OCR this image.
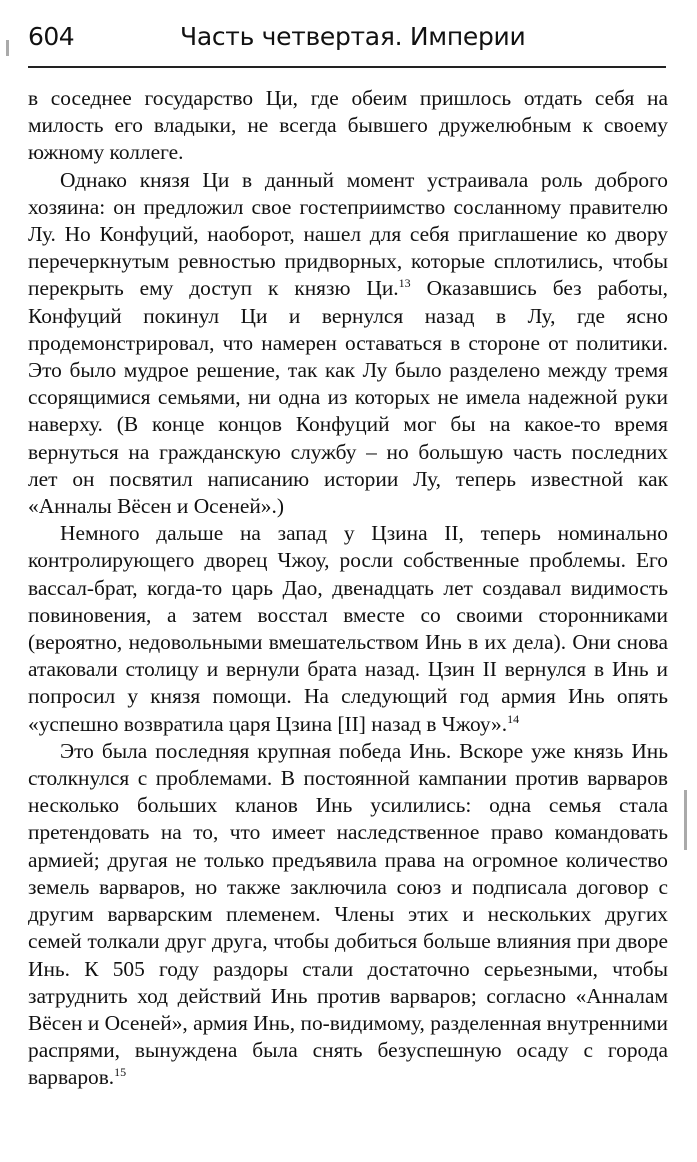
604	Часть четвертая. Империи

в соседнее государство Ци, где обеим пришлось отдать себя на милость его владыки, не всегда бывшего дружелюбным к своему южному коллеге.

Однако князя Ци в данный момент устраивала роль доброго хозяина: он предложил свое гостеприимство сосланному правителю Лу. Но Конфуций, наоборот, нашел для себя приглашение ко двору перечеркнутым ревностью придворных, которые сплотились, чтобы перекрыть ему доступ к князю Ци.$^{13}$ Оказавшись без работы, Конфуций покинул Ци и вернулся назад в Лу, где ясно продемонстрировал, что намерен оставаться в стороне от политики. Это было мудрое решение, так как Лу было разделено между тремя ссорящимися семьями, ни одна из которых не имела надежной руки наверху. (В конце концов Конфуций мог бы на какое-то время вернуться на гражданскую службу – но большую часть последних лет он посвятил написанию истории Лу, теперь известной как «Анналы Вёсен и Осеней».)

Немного дальше на запад у Цзина II, теперь номинально контролирующего дворец Чжоу, росли собственные проблемы. Его вассал-брат, когда-то царь Дао, двенадцать лет создавал видимость повиновения, а затем восстал вместе со своими сторонниками (вероятно, недовольными вмешательством Инь в их дела). Они снова атаковали столицу и вернули брата назад. Цзин II вернулся в Инь и попросил у князя помощи. На следующий год армия Инь опять «успешно возвратила царя Цзина [II] назад в Чжоу».$^{14}$

Это была последняя крупная победа Инь. Вскоре уже князь Инь столкнулся с проблемами. В постоянной кампании против варваров несколько больших кланов Инь усилились: одна семья стала претендовать на то, что имеет наследственное право командовать армией; другая не только предъявила права на огромное количество земель варваров, но также заключила союз и подписала договор с другим варварским племенем. Члены этих и нескольких других семей толкали друг друга, чтобы добиться больше влияния при дворе Инь. К 505 году раздоры стали достаточно серьезными, чтобы затруднить ход действий Инь против варваров; согласно «Анналам Вёсен и Осеней», армия Инь, по-видимому, разделенная внутренними распрями, вынуждена была снять безуспешную осаду с города варваров.$^{15}$
